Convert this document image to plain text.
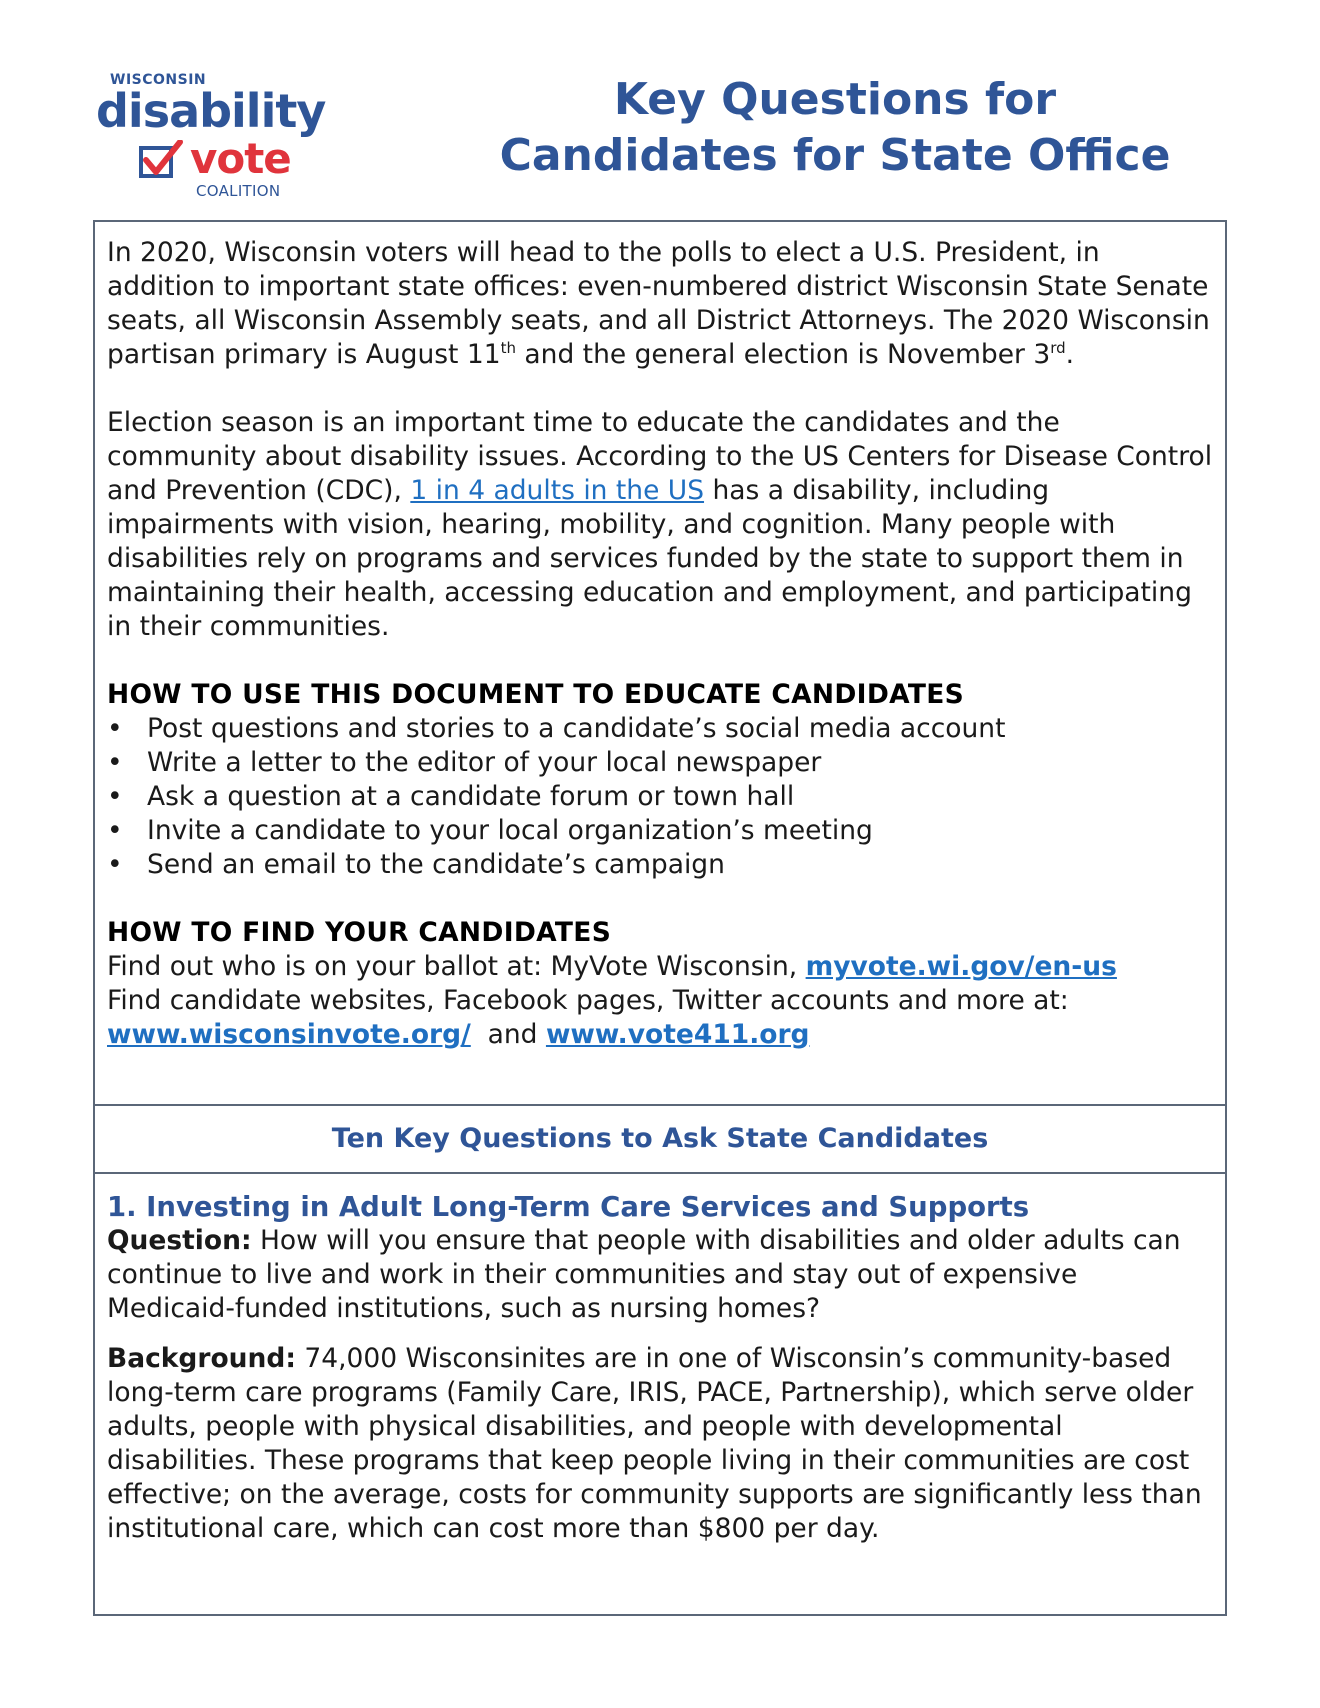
WISCONSIN
disability
vote
COALITION
Key Questions for
Candidates for State Office

In 2020, Wisconsin voters will head to the polls to elect a U.S. President, in addition to important state offices: even-numbered district Wisconsin State Senate seats, all Wisconsin Assembly seats, and all District Attorneys. The 2020 Wisconsin partisan primary is August 11th and the general election is November 3rd.

Election season is an important time to educate the candidates and the community about disability issues. According to the US Centers for Disease Control and Prevention (CDC), 1 in 4 adults in the US has a disability, including impairments with vision, hearing, mobility, and cognition. Many people with disabilities rely on programs and services funded by the state to support them in maintaining their health, accessing education and employment, and participating in their communities.

HOW TO USE THIS DOCUMENT TO EDUCATE CANDIDATES

• Post questions and stories to a candidate’s social media account
• Write a letter to the editor of your local newspaper
• Ask a question at a candidate forum or town hall
• Invite a candidate to your local organization’s meeting
• Send an email to the candidate’s campaign

HOW TO FIND YOUR CANDIDATES

Find out who is on your ballot at: MyVote Wisconsin, myvote.wi.gov/en-us

Find candidate websites, Facebook pages, Twitter accounts and more at:

www.wisconsinvote.org/ and www.vote411.org

Ten Key Questions to Ask State Candidates

1. Investing in Adult Long-Term Care Services and Supports

Question: How will you ensure that people with disabilities and older adults can continue to live and work in their communities and stay out of expensive Medicaid-funded institutions, such as nursing homes?

Background: 74,000 Wisconsinites are in one of Wisconsin’s community-based long-term care programs (Family Care, IRIS, PACE, Partnership), which serve older adults, people with physical disabilities, and people with developmental disabilities. These programs that keep people living in their communities are cost effective; on the average, costs for community supports are significantly less than institutional care, which can cost more than $800 per day.
